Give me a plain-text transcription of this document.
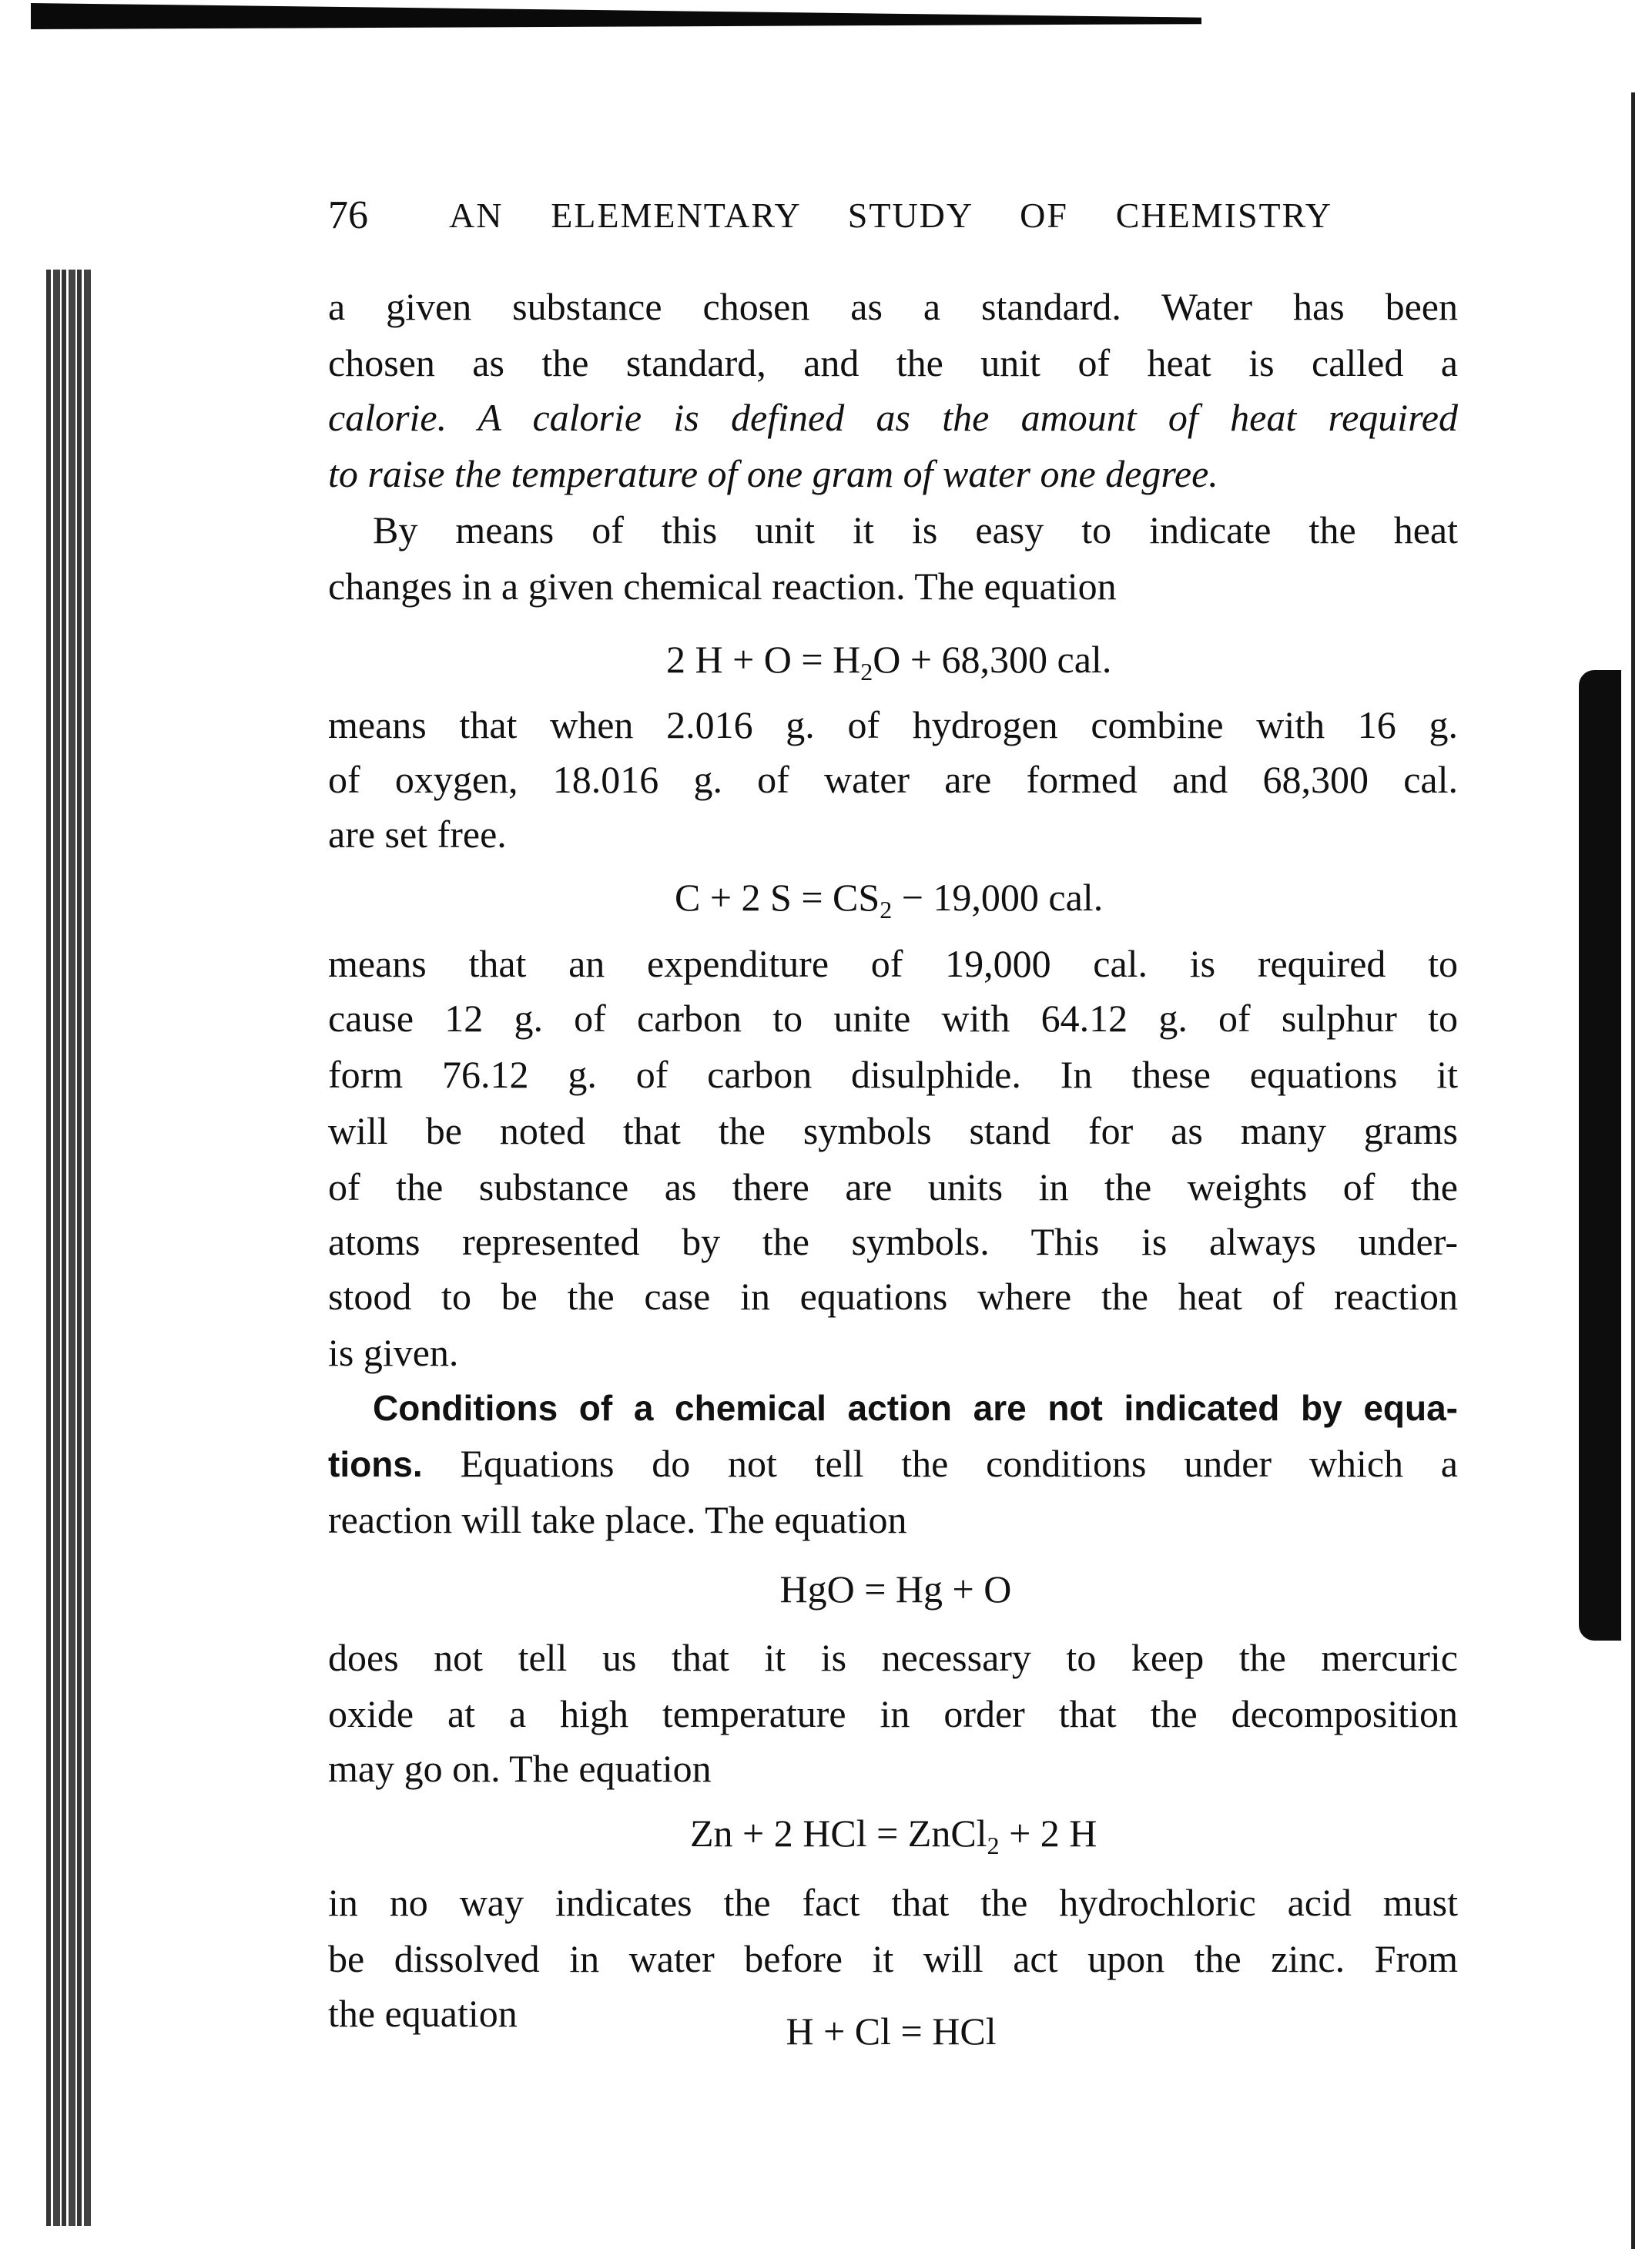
76 AN ELEMENTARY STUDY OF CHEMISTRY
a given substance chosen as a standard. Water has been
chosen as the standard, and the unit of heat is called a
calorie. A calorie is defined as the amount of heat required
to raise the temperature of one gram of water one degree.
By means of this unit it is easy to indicate the heat
changes in a given chemical reaction. The equation
2 $H + O = H_2O + 68,300$ cal.
means that when 2.016 g. of hydrogen combine with 16 g.
of oxygen, 18.016 g. of water are formed and 68,300 cal.
are set free.
C + 2 $S = CS_2 - 19,000$ cal.
means that an expenditure of 19,000 cal. is required to
cause 12 g. of carbon to unite with 64.12 g. of sulphur to
form 76.12 g. of carbon disulphide. In these equations it
will be noted that the symbols stand for as many grams
of the substance as there are units in the weights of the
atoms represented by the symbols. This is always under-
stood to be the case in equations where the heat of reaction
is given.
Conditions of a chemical action are not indicated by equa-
tions. Equations do not tell the conditions under which a
reaction will take place. The equation
HgO = Hg + O
does not tell us that it is necessary to keep the mercuric
oxide at a high temperature in order that the decomposition
may go on. The equation
Zn + 2 HCl = ZnCl$_2$ + 2 H
in no way indicates the fact that the hydrochloric acid must
be dissolved in water before it will act upon the zinc. From
the equation	H + Cl = HCl
